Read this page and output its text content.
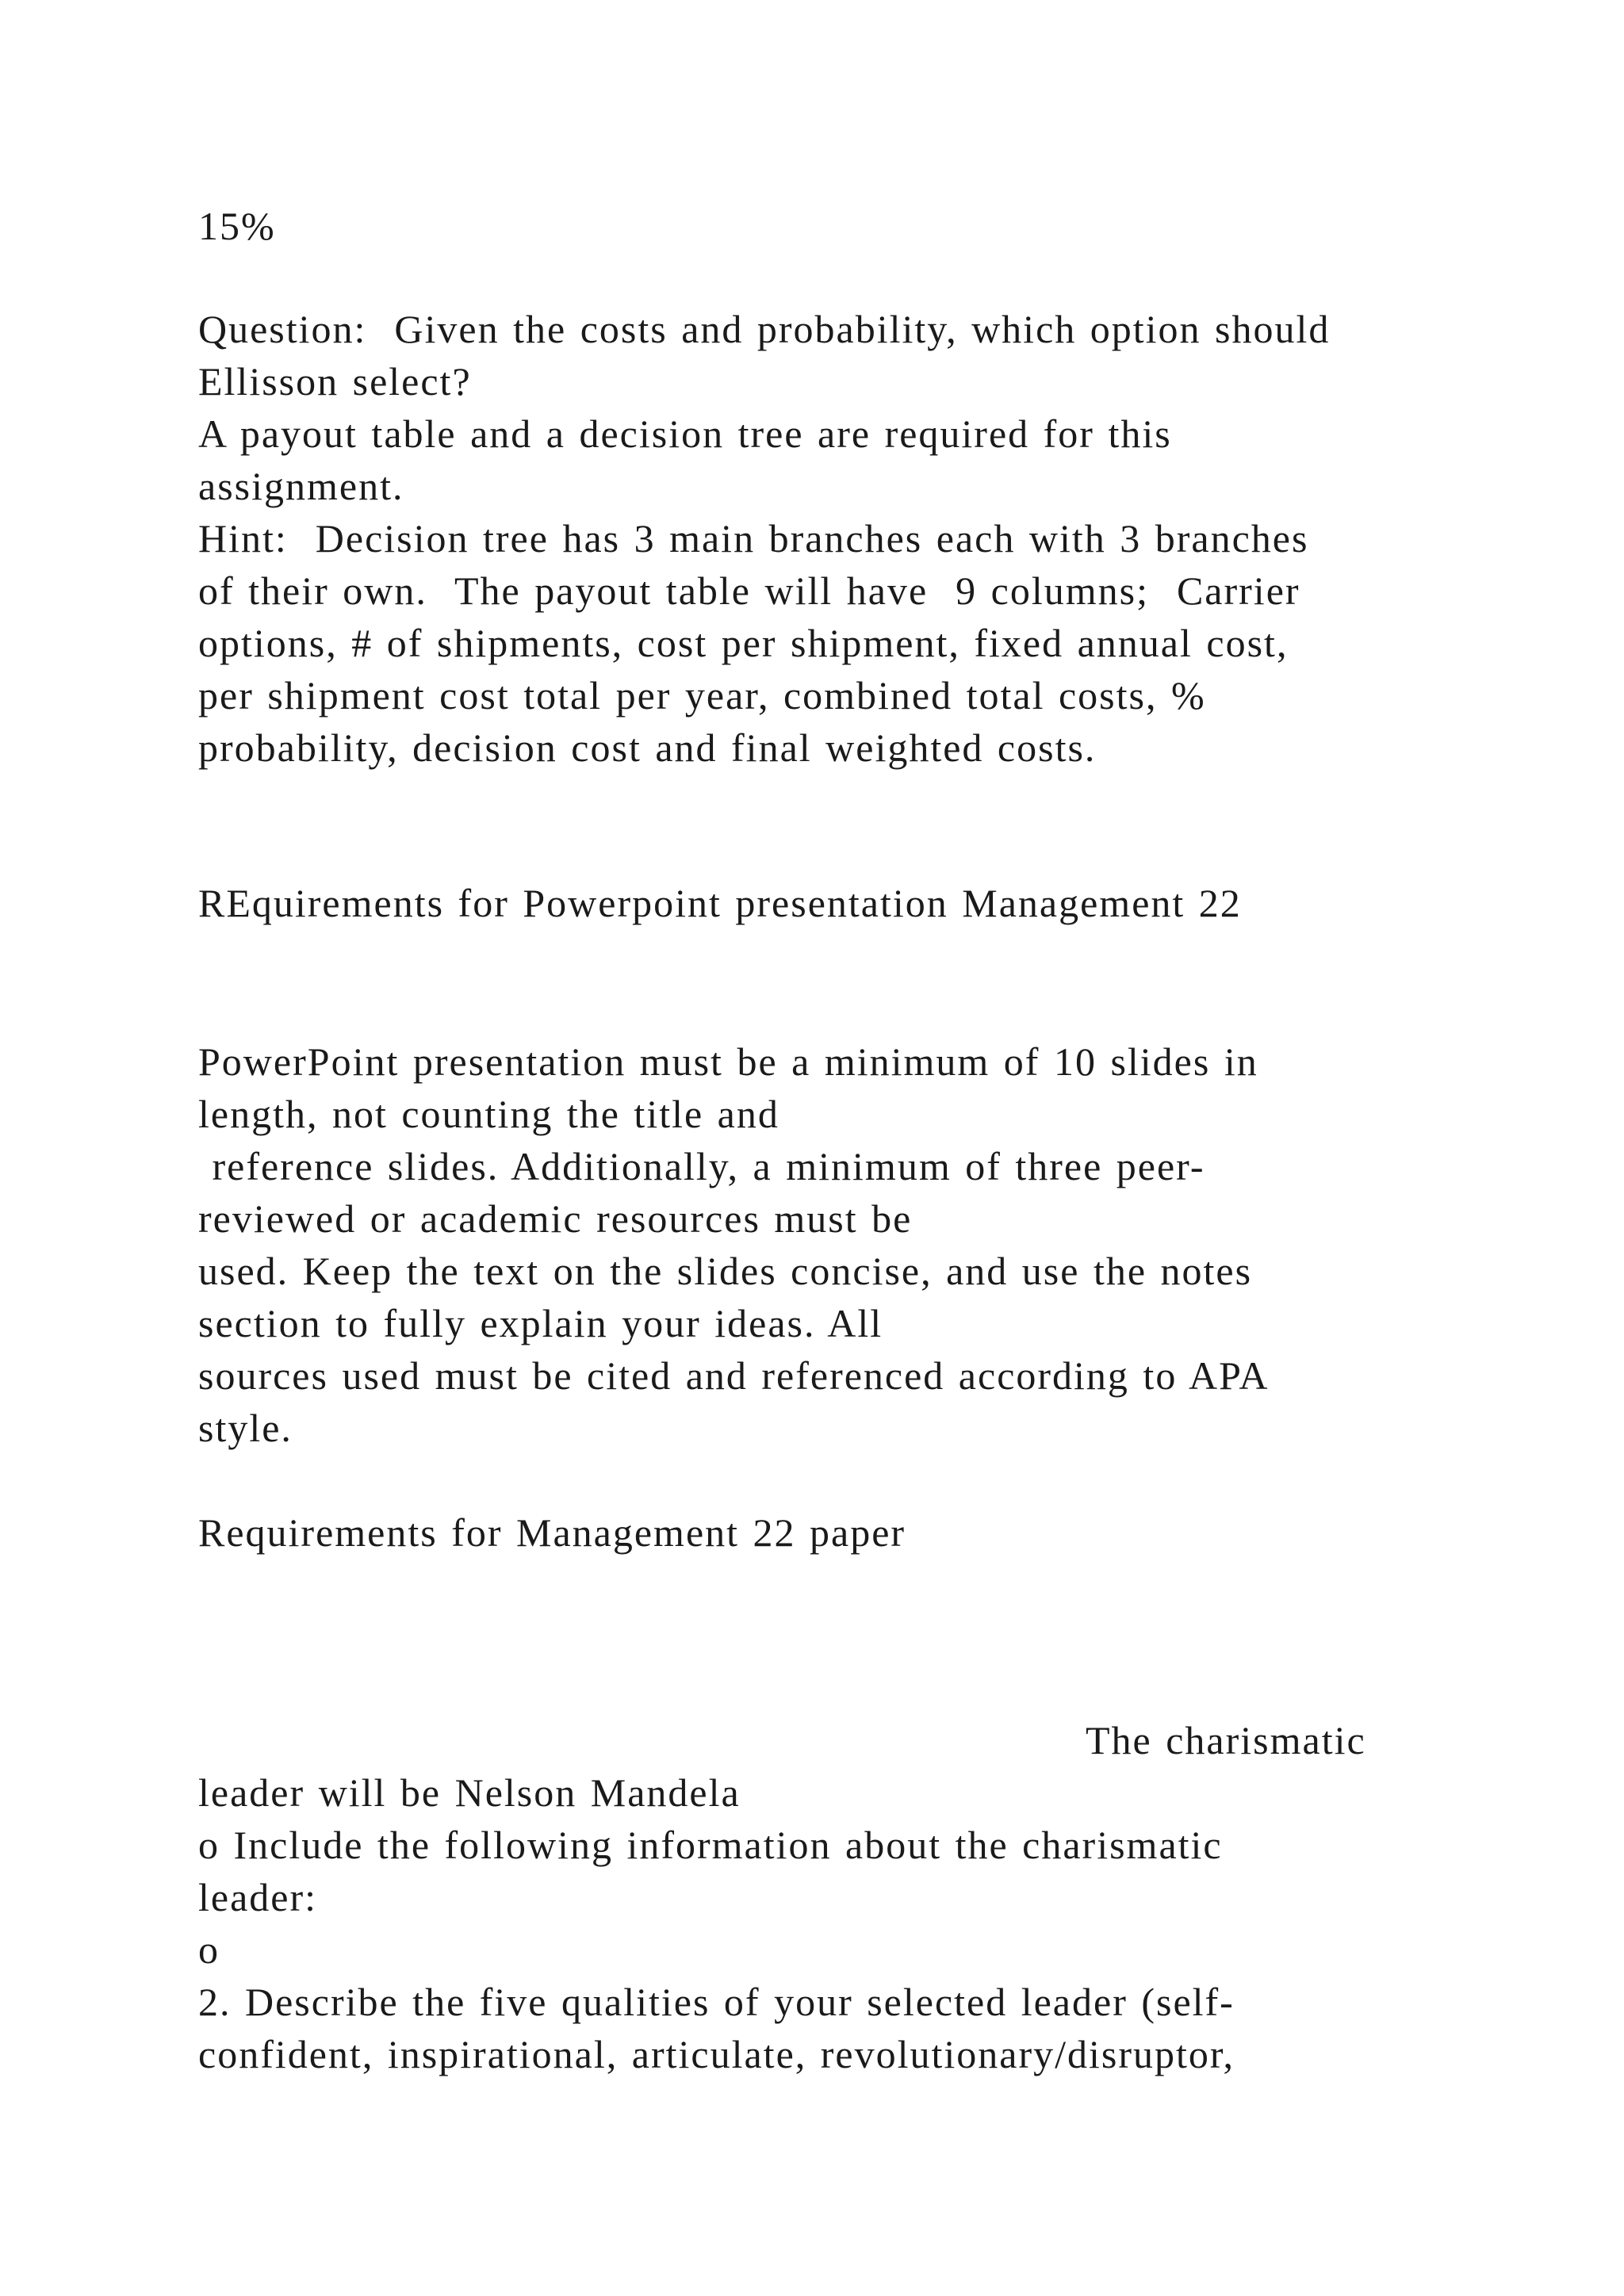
15%

Question:  Given the costs and probability, which option should

Ellisson select?

A payout table and a decision tree are required for this

assignment.

Hint:  Decision tree has 3 main branches each with 3 branches

of their own.  The payout table will have  9 columns;  Carrier

options, # of shipments, cost per shipment, fixed annual cost,

per shipment cost total per year, combined total costs, %

probability, decision cost and final weighted costs.

REquirements for Powerpoint presentation Management 22

PowerPoint presentation must be a minimum of 10 slides in

length, not counting the title and

reference slides. Additionally, a minimum of three peer-

reviewed or academic resources must be

used. Keep the text on the slides concise, and use the notes

section to fully explain your ideas. All

sources used must be cited and referenced according to APA

style.

Requirements for Management 22 paper

The charismatic

leader will be Nelson Mandela

o Include the following information about the charismatic

leader:

o

2. Describe the five qualities of your selected leader (self-

confident, inspirational, articulate, revolutionary/disruptor,
